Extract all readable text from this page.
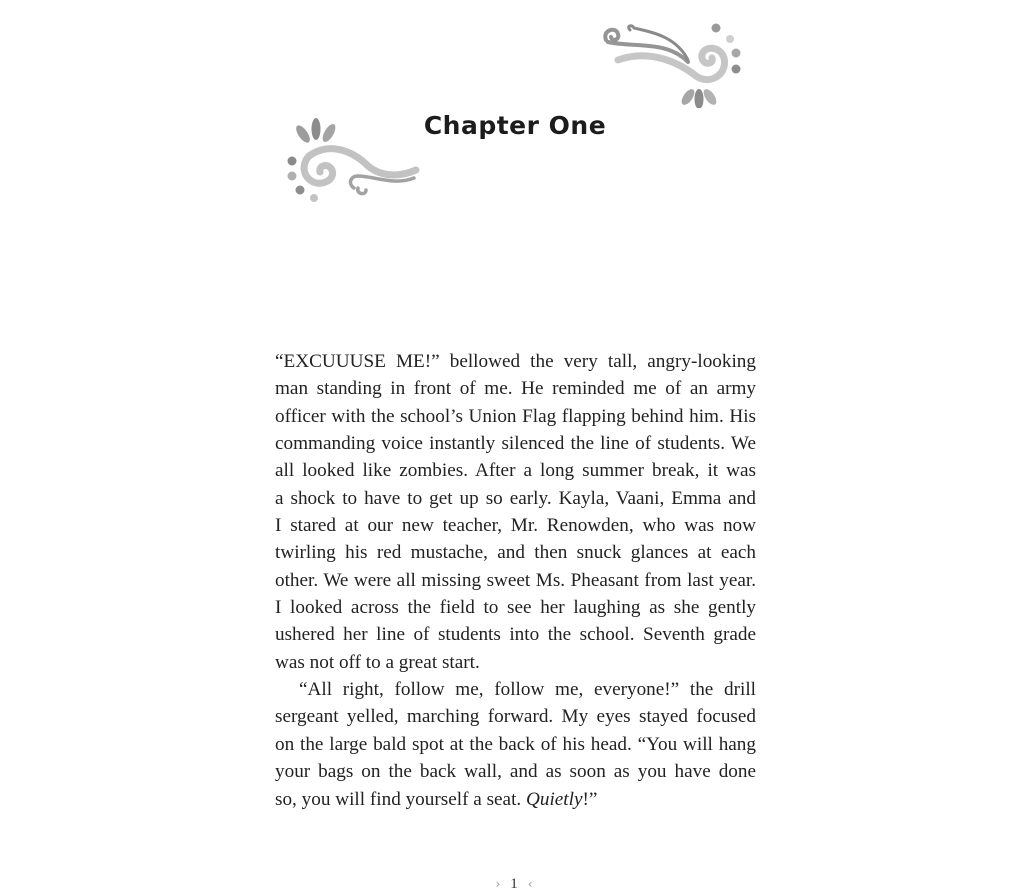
Chapter One
“EXCUUUSE ME!” bellowed the very tall, angry-looking
man standing in front of me. He reminded me of an army
officer with the school’s Union Flag flapping behind him. His
commanding voice instantly silenced the line of students. We
all looked like zombies. After a long summer break, it was
a shock to have to get up so early. Kayla, Vaani, Emma and
I stared at our new teacher, Mr. Renowden, who was now
twirling his red mustache, and then snuck glances at each
other. We were all missing sweet Ms. Pheasant from last year.
I looked across the field to see her laughing as she gently
ushered her line of students into the school. Seventh grade
was not off to a great start.
“All right, follow me, follow me, everyone!” the drill
sergeant yelled, marching forward. My eyes stayed focused
on the large bald spot at the back of his head. “You will hang
your bags on the back wall, and as soon as you have done
so, you will find yourself a seat. Quietly!”
› 1 ‹
